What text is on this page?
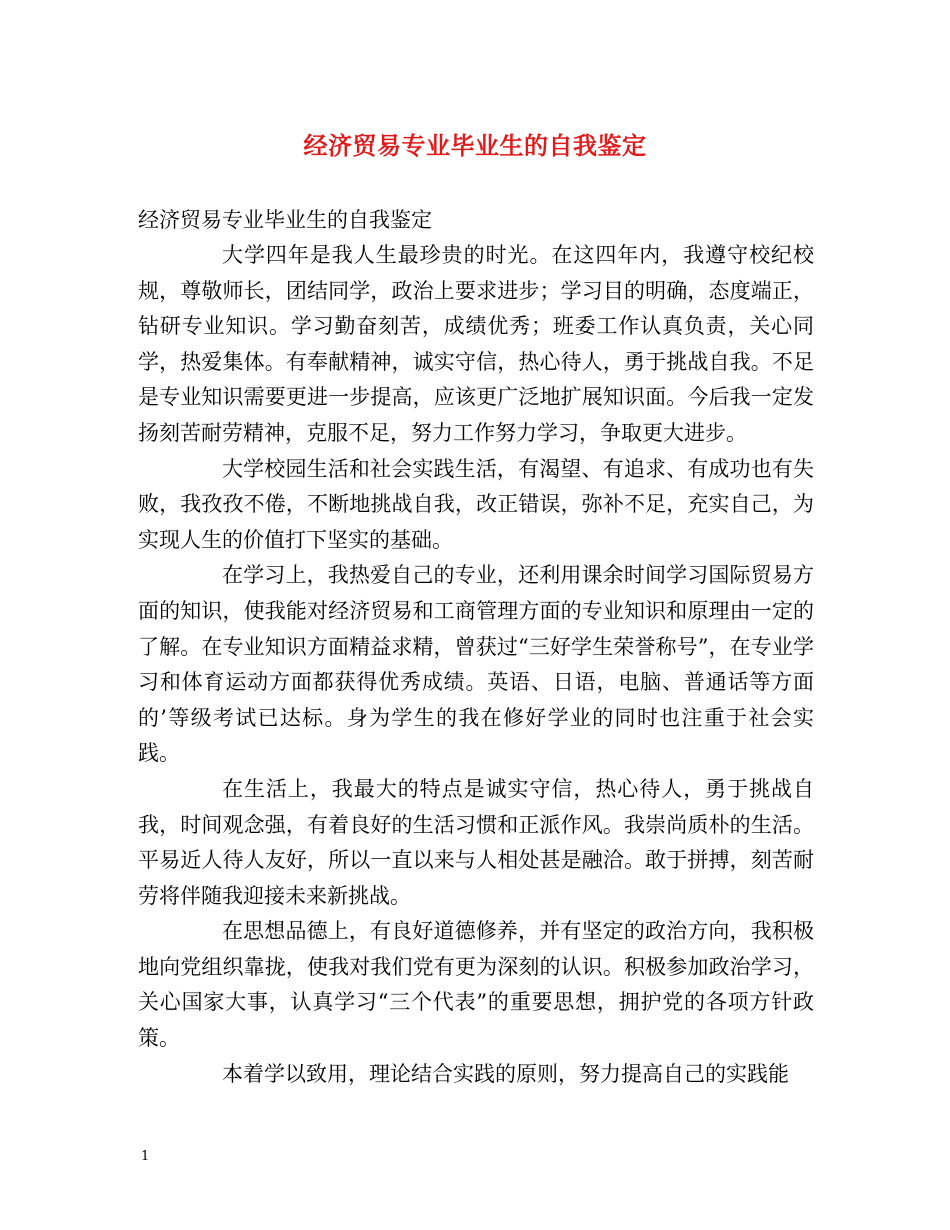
经济贸易专业毕业生的自我鉴定
经济贸易专业毕业生的自我鉴定

大学四年是我人生最珍贵的时光。在这四年内，我遵守校纪校规，尊敬师长，团结同学，政治上要求进步；学习目的明确，态度端正，钻研专业知识。学习勤奋刻苦，成绩优秀；班委工作认真负责，关心同学，热爱集体。有奉献精神，诚实守信，热心待人，勇于挑战自我。不足是专业知识需要更进一步提高，应该更广泛地扩展知识面。今后我一定发扬刻苦耐劳精神，克服不足，努力工作努力学习，争取更大进步。

大学校园生活和社会实践生活，有渴望、有追求、有成功也有失败，我孜孜不倦，不断地挑战自我，改正错误，弥补不足，充实自己，为实现人生的价值打下坚实的基础。

在学习上，我热爱自己的专业，还利用课余时间学习国际贸易方面的知识，使我能对经济贸易和工商管理方面的专业知识和原理由一定的了解。在专业知识方面精益求精，曾获过“三好学生荣誉称号”，在专业学习和体育运动方面都获得优秀成绩。英语、日语，电脑、普通话等方面的’等级考试已达标。身为学生的我在修好学业的同时也注重于社会实践。

在生活上，我最大的特点是诚实守信，热心待人，勇于挑战自我，时间观念强，有着良好的生活习惯和正派作风。我崇尚质朴的生活。平易近人待人友好，所以一直以来与人相处甚是融洽。敢于拼搏，刻苦耐劳将伴随我迎接未来新挑战。

在思想品德上，有良好道德修养，并有坚定的政治方向，我积极地向党组织靠拢，使我对我们党有更为深刻的认识。积极参加政治学习，关心国家大事，认真学习“三个代表”的重要思想，拥护党的各项方针政策。

本着学以致用，理论结合实践的原则，努力提高自己的实践能

1
